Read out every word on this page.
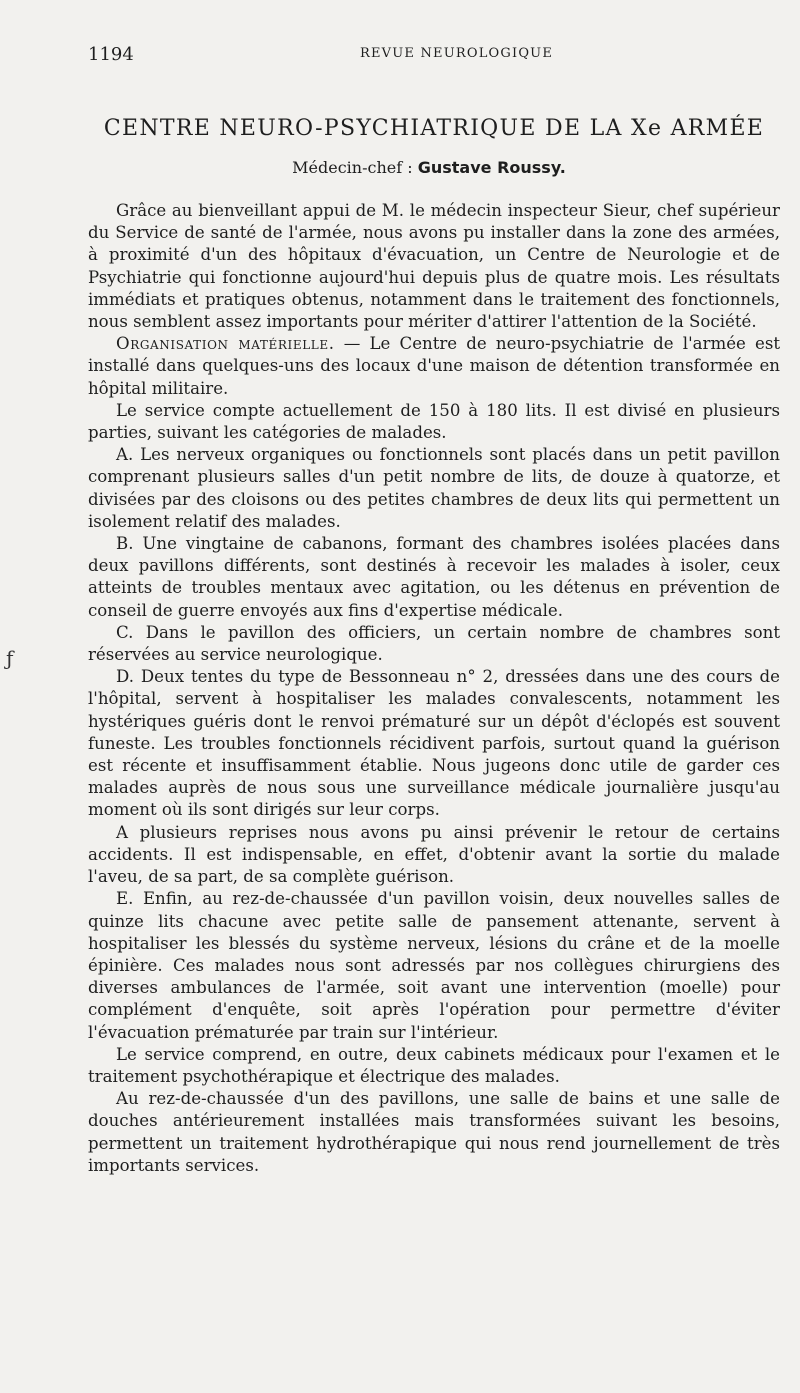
1194	REVUE NEUROLOGIQUE
CENTRE NEURO-PSYCHIATRIQUE DE LA Xe ARMÉE
Médecin-chef : Gustave Roussy.

Grâce au bienveillant appui de M. le médecin inspecteur Sieur, chef supérieur du Service de santé de l'armée, nous avons pu installer dans la zone des armées, à proximité d'un des hôpitaux d'évacuation, un Centre de Neurologie et de Psychiatrie qui fonctionne aujourd'hui depuis plus de quatre mois. Les résultats immédiats et pratiques obtenus, notamment dans le traitement des fonctionnels, nous semblent assez importants pour mériter d'attirer l'attention de la Société.

Organisation matérielle. — Le Centre de neuro-psychiatrie de l'armée est installé dans quelques-uns des locaux d'une maison de détention transformée en hôpital militaire.

Le service compte actuellement de 150 à 180 lits. Il est divisé en plusieurs parties, suivant les catégories de malades.

A. Les nerveux organiques ou fonctionnels sont placés dans un petit pavillon comprenant plusieurs salles d'un petit nombre de lits, de douze à quatorze, et divisées par des cloisons ou des petites chambres de deux lits qui permettent un isolement relatif des malades.

B. Une vingtaine de cabanons, formant des chambres isolées placées dans deux pavillons différents, sont destinés à recevoir les malades à isoler, ceux atteints de troubles mentaux avec agitation, ou les détenus en prévention de conseil de guerre envoyés aux fins d'expertise médicale.

C. Dans le pavillon des officiers, un certain nombre de chambres sont réservées au service neurologique.

D. Deux tentes du type de Bessonneau n° 2, dressées dans une des cours de l'hôpital, servent à hospitaliser les malades convalescents, notamment les hystériques guéris dont le renvoi prématuré sur un dépôt d'éclopés est souvent funeste. Les troubles fonctionnels récidivent parfois, surtout quand la guérison est récente et insuffisamment établie. Nous jugeons donc utile de garder ces malades auprès de nous sous une surveillance médicale journalière jusqu'au moment où ils sont dirigés sur leur corps.

A plusieurs reprises nous avons pu ainsi prévenir le retour de certains accidents. Il est indispensable, en effet, d'obtenir avant la sortie du malade l'aveu, de sa part, de sa complète guérison.

E. Enfin, au rez-de-chaussée d'un pavillon voisin, deux nouvelles salles de quinze lits chacune avec petite salle de pansement attenante, servent à hospitaliser les blessés du système nerveux, lésions du crâne et de la moelle épinière. Ces malades nous sont adressés par nos collègues chirurgiens des diverses ambulances de l'armée, soit avant une intervention (moelle) pour complément d'enquête, soit après l'opération pour permettre d'éviter l'évacuation prématurée par train sur l'intérieur.

Le service comprend, en outre, deux cabinets médicaux pour l'examen et le traitement psychothérapique et électrique des malades.

Au rez-de-chaussée d'un des pavillons, une salle de bains et une salle de douches antérieurement installées mais transformées suivant les besoins, permettent un traitement hydrothérapique qui nous rend journellement de très importants services.

ƒ
